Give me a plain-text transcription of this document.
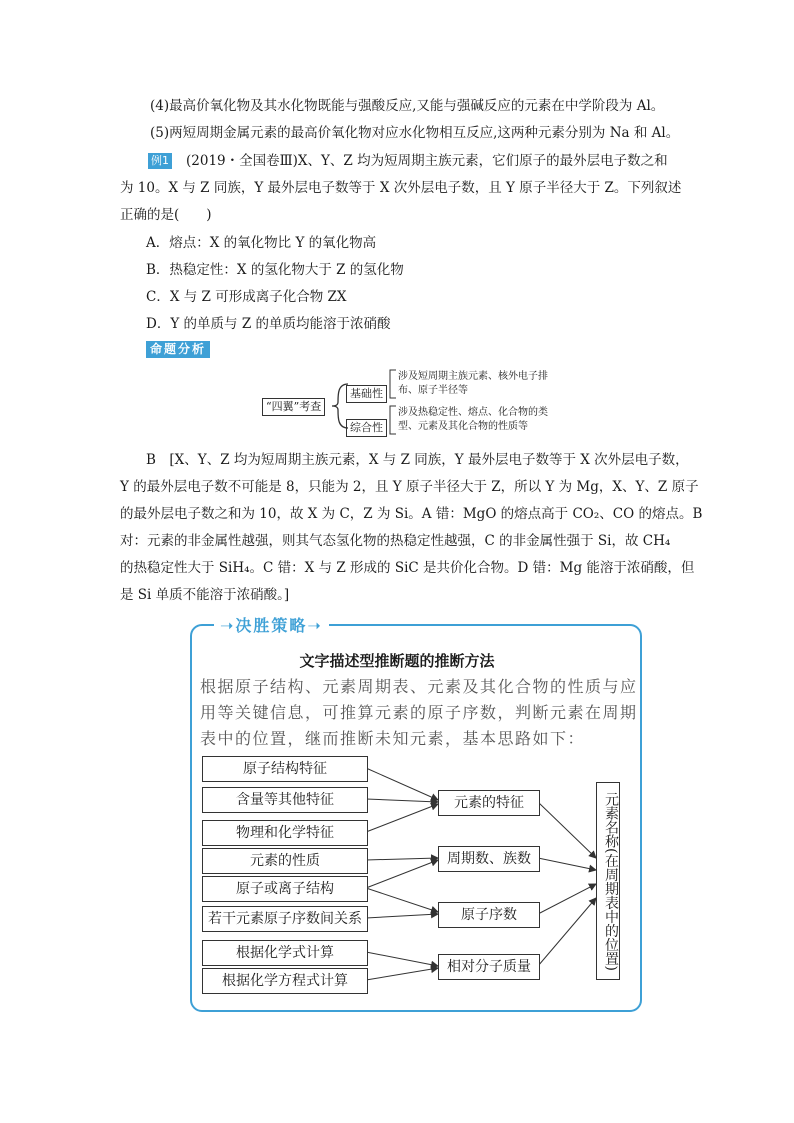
(4)最高价氧化物及其水化物既能与强酸反应,又能与强碱反应的元素在中学阶段为 Al。
(5)两短周期金属元素的最高价氧化物对应水化物相互反应,这两种元素分别为 Na 和 Al。
例1 (2019・全国卷Ⅲ)X、Y、Z 均为短周期主族元素，它们原子的最外层电子数之和
为 10。X 与 Z 同族，Y 最外层电子数等于 X 次外层电子数，且 Y 原子半径大于 Z。下列叙述
正确的是(　　)
A．熔点：X 的氧化物比 Y 的氧化物高
B．热稳定性：X 的氢化物大于 Z 的氢化物
C．X 与 Z 可形成离子化合物 ZX
D．Y 的单质与 Z 的单质均能溶于浓硝酸
命题分析
“四翼”考查
基础性
综合性
涉及短周期主族元素、核外电子排
布、原子半径等
涉及热稳定性、熔点、化合物的类
型、元素及其化合物的性质等
B　[X、Y、Z 均为短周期主族元素，X 与 Z 同族，Y 最外层电子数等于 X 次外层电子数，
Y 的最外层电子数不可能是 8，只能为 2，且 Y 原子半径大于 Z，所以 Y 为 Mg，X、Y、Z 原子
的最外层电子数之和为 10，故 X 为 C，Z 为 Si。A 错：MgO 的熔点高于 CO₂、CO 的熔点。B
对：元素的非金属性越强，则其气态氢化物的热稳定性越强，C 的非金属性强于 Si，故 CH₄
的热稳定性大于 SiH₄。C 错：X 与 Z 形成的 SiC 是共价化合物。D 错：Mg 能溶于浓硝酸，但
是 Si 单质不能溶于浓硝酸。]
➝决胜策略➝
文字描述型推断题的推断方法
根据原子结构、元素周期表、元素及其化合物的性质与应
用等关键信息，可推算元素的原子序数，判断元素在周期
表中的位置，继而推断未知元素，基本思路如下：
原子结构特征
含量等其他特征
物理和化学特征
元素的性质
原子或离子结构
若干元素原子序数间关系
根据化学式计算
根据化学方程式计算
元素的特征
周期数、族数
原子序数
相对分子质量	元素名称(在周期表中的位置)
